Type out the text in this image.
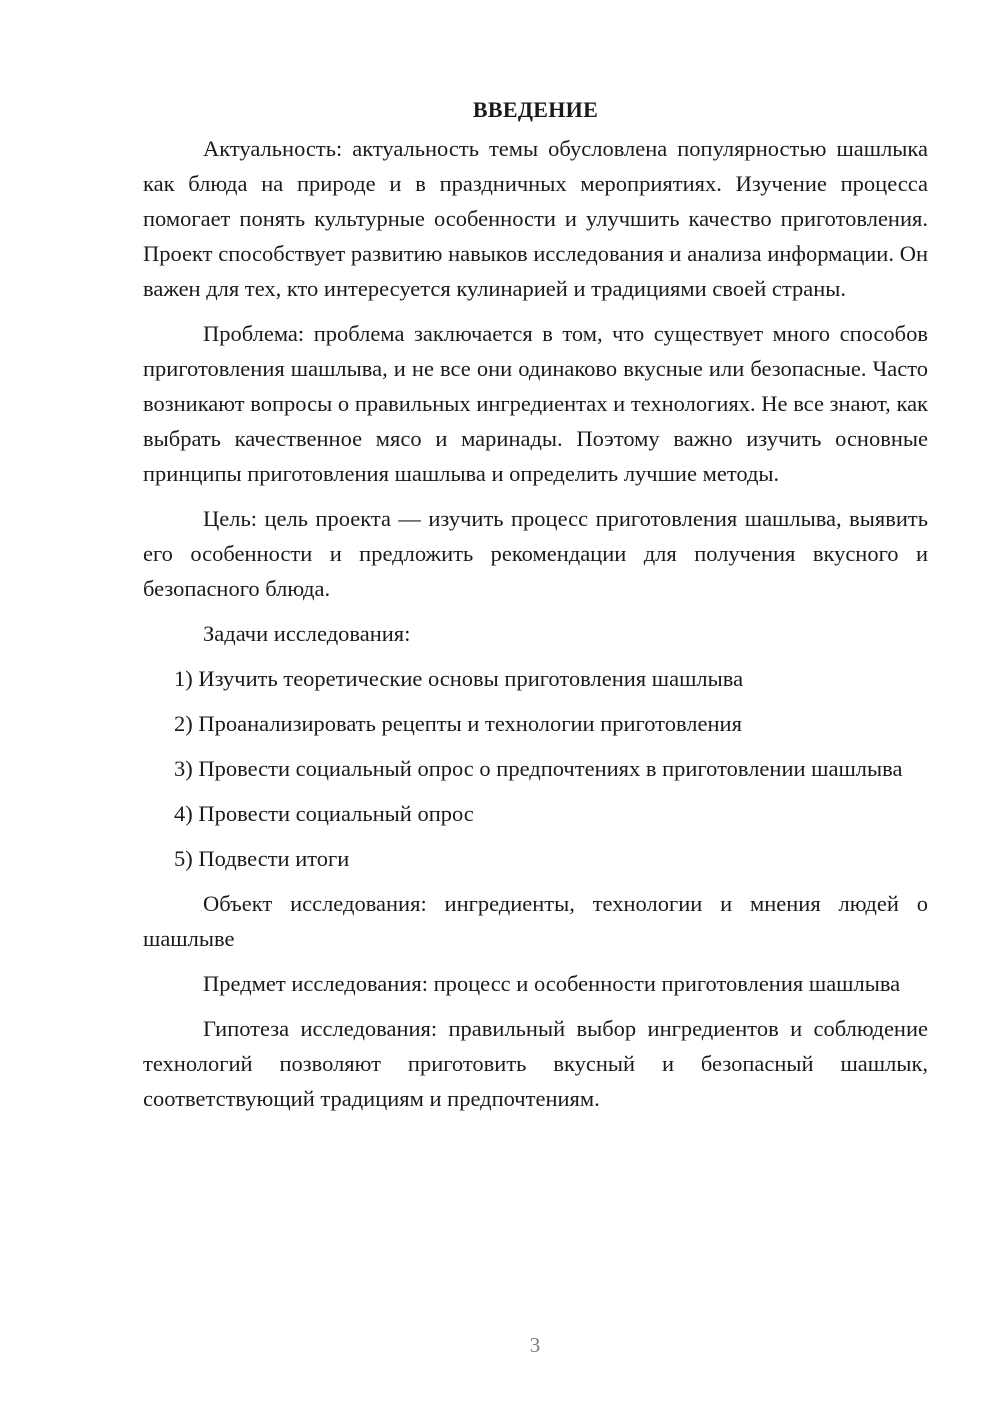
ВВЕДЕНИЕ

Актуальность: актуальность темы обусловлена популярностью шашлыка как блюда на природе и в праздничных мероприятиях. Изучение процесса помогает понять культурные особенности и улучшить качество приготовления. Проект способствует развитию навыков исследования и анализа информации. Он важен для тех, кто интересуется кулинарией и традициями своей страны.

Проблема: проблема заключается в том, что существует много способов приготовления шашлыва, и не все они одинаково вкусные или безопасные. Часто возникают вопросы о правильных ингредиентах и технологиях. Не все знают, как выбрать качественное мясо и маринады. Поэтому важно изучить основные принципы приготовления шашлыва и определить лучшие методы.

Цель: цель проекта — изучить процесс приготовления шашлыва, выявить его особенности и предложить рекомендации для получения вкусного и безопасного блюда.

Задачи исследования:

1) Изучить теоретические основы приготовления шашлыва
2) Проанализировать рецепты и технологии приготовления
3) Провести социальный опрос о предпочтениях в приготовлении шашлыва
4) Провести социальный опрос
5) Подвести итоги

Объект исследования: ингредиенты, технологии и мнения людей о шашлыве

Предмет исследования: процесс и особенности приготовления шашлыва

Гипотеза исследования: правильный выбор ингредиентов и соблюдение технологий позволяют приготовить вкусный и безопасный шашлык, соответствующий традициям и предпочтениям.

3
